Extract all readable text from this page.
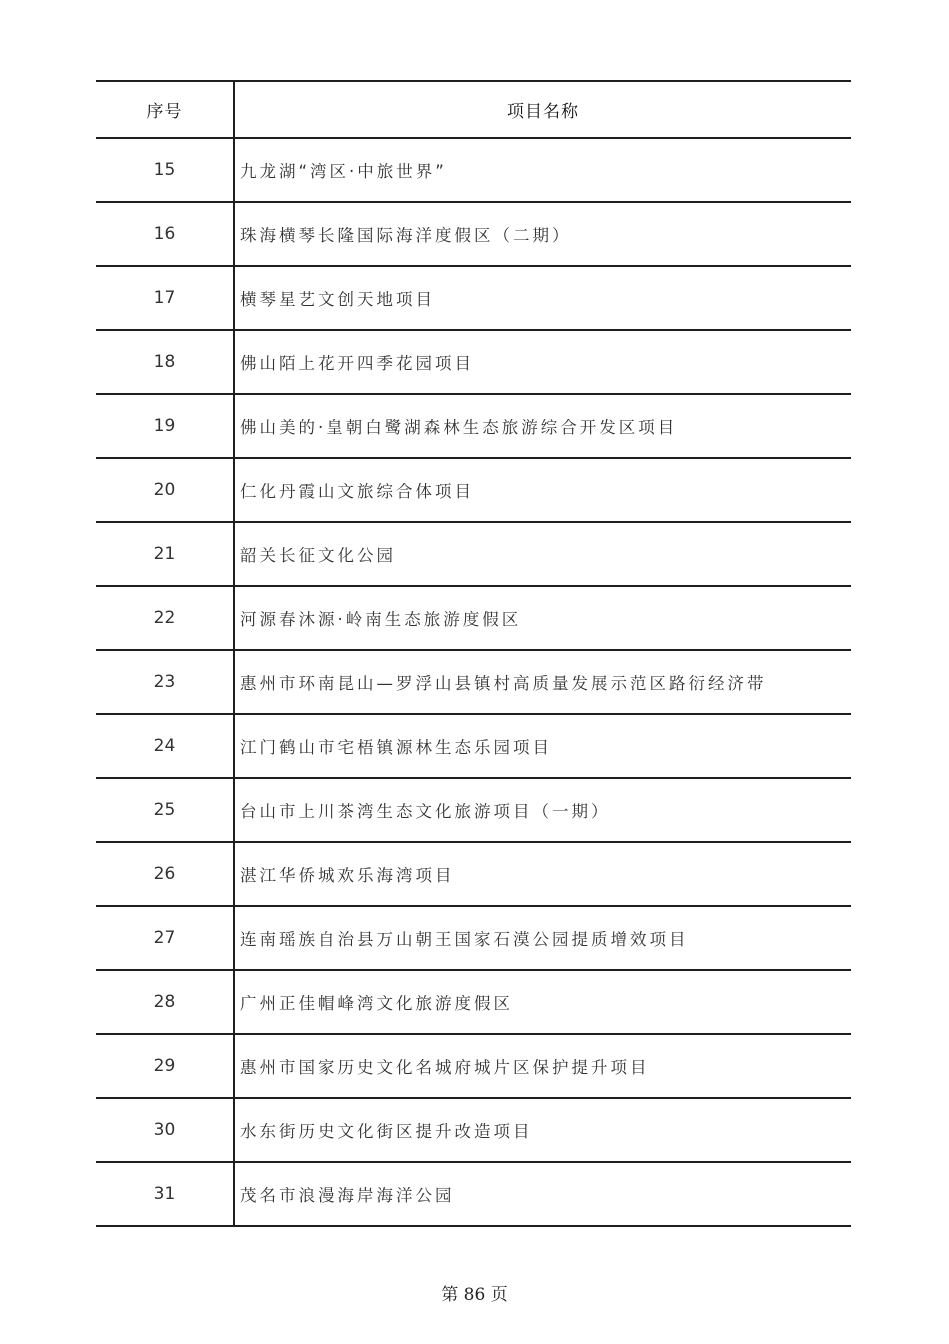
序号	项目名称
15	九龙湖“湾区·中旅世界”
16	珠海横琴长隆国际海洋度假区（二期）
17	横琴星艺文创天地项目
18	佛山陌上花开四季花园项目
19	佛山美的·皇朝白鹭湖森林生态旅游综合开发区项目
20	仁化丹霞山文旅综合体项目
21	韶关长征文化公园
22	河源春沐源·岭南生态旅游度假区
23	惠州市环南昆山—罗浮山县镇村高质量发展示范区路衍经济带
24	江门鹤山市宅梧镇源林生态乐园项目
25	台山市上川茶湾生态文化旅游项目（一期）
26	湛江华侨城欢乐海湾项目
27	连南瑶族自治县万山朝王国家石漠公园提质增效项目
28	广州正佳帽峰湾文化旅游度假区
29	惠州市国家历史文化名城府城片区保护提升项目
30	水东街历史文化街区提升改造项目
31	茂名市浪漫海岸海洋公园
第 86 页
